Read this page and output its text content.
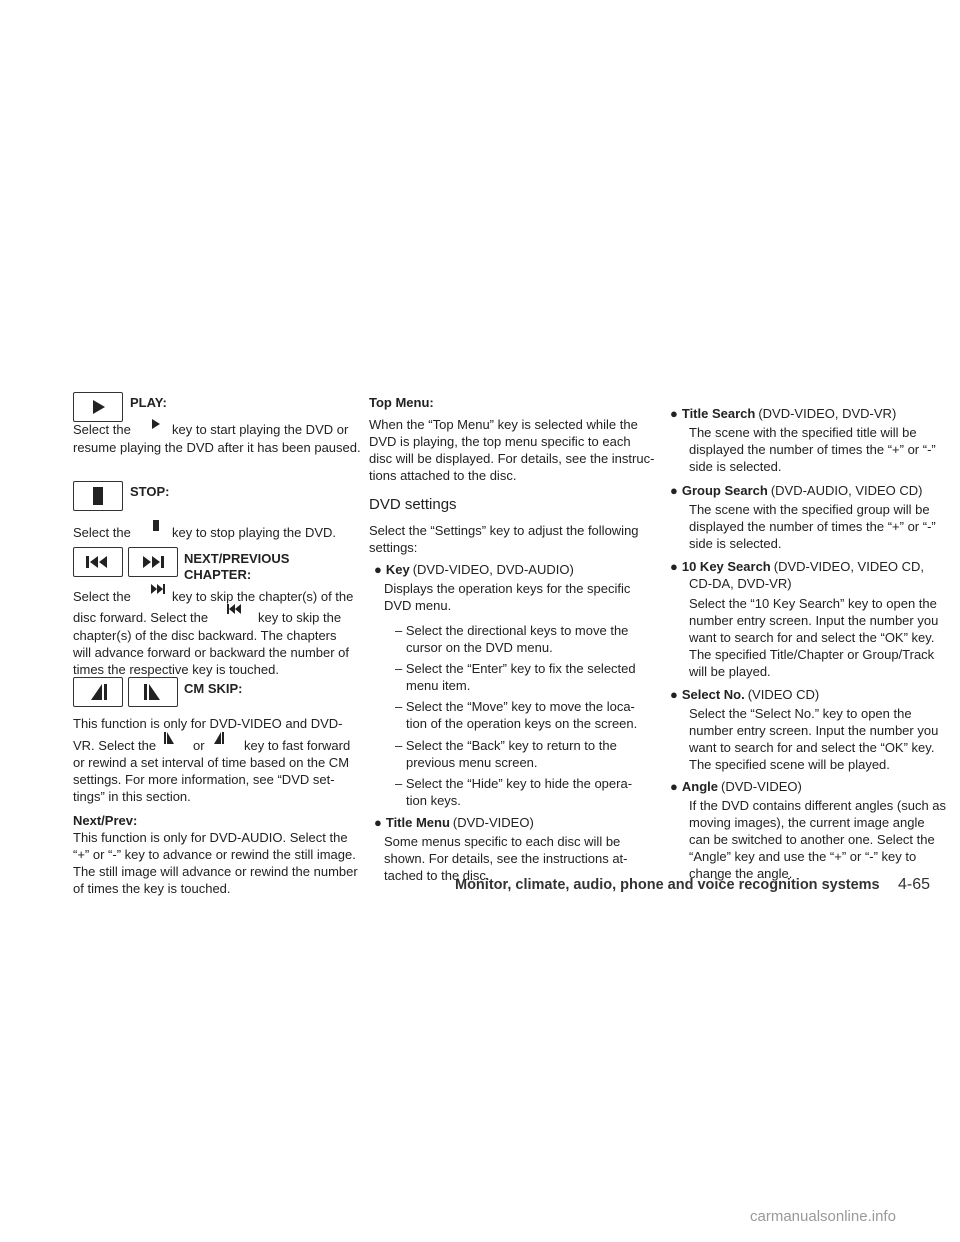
PLAY:
Select the	key to start playing the DVD or
resume playing the DVD after it has been paused.
STOP:
Select the	key to stop playing the DVD.
NEXT/PREVIOUS
CHAPTER:
Select the	key to skip the chapter(s) of the
disc forward. Select the	key to skip the
chapter(s) of the disc backward. The chapters
will advance forward or backward the number of
times the respective key is touched.
CM SKIP:
This function is only for DVD-VIDEO and DVD-
VR. Select the	or	key to fast forward
or rewind a set interval of time based on the CM
settings. For more information, see “DVD set-
tings” in this section.
Next/Prev:
This function is only for DVD-AUDIO. Select the
“+” or “-” key to advance or rewind the still image.
The still image will advance or rewind the number
of times the key is touched.
Top Menu:
When the “Top Menu” key is selected while the
DVD is playing, the top menu specific to each
disc will be displayed. For details, see the instruc-
tions attached to the disc.
DVD settings
Select the “Settings” key to adjust the following
settings:
● Key (DVD-VIDEO, DVD-AUDIO)
Displays the operation keys for the specific
DVD menu.
– Select the directional keys to move the
cursor on the DVD menu.
– Select the “Enter” key to fix the selected
menu item.
– Select the “Move” key to move the loca-
tion of the operation keys on the screen.
– Select the “Back” key to return to the
previous menu screen.
– Select the “Hide” key to hide the opera-
tion keys.
● Title Menu (DVD-VIDEO)
Some menus specific to each disc will be
shown. For details, see the instructions at-
tached to the disc.
● Title Search (DVD-VIDEO, DVD-VR)
The scene with the specified title will be
displayed the number of times the “+” or “-”
side is selected.
● Group Search (DVD-AUDIO, VIDEO CD)
The scene with the specified group will be
displayed the number of times the “+” or “-”
side is selected.
● 10 Key Search (DVD-VIDEO, VIDEO CD,
CD-DA, DVD-VR)
Select the “10 Key Search” key to open the
number entry screen. Input the number you
want to search for and select the “OK” key.
The specified Title/Chapter or Group/Track
will be played.
● Select No. (VIDEO CD)
Select the “Select No.” key to open the
number entry screen. Input the number you
want to search for and select the “OK” key.
The specified scene will be played.
● Angle (DVD-VIDEO)
If the DVD contains different angles (such as
moving images), the current image angle
can be switched to another one. Select the
“Angle” key and use the “+” or “-” key to
change the angle.
Monitor, climate, audio, phone and voice recognition systems 4-65
carmanualsonline.info
